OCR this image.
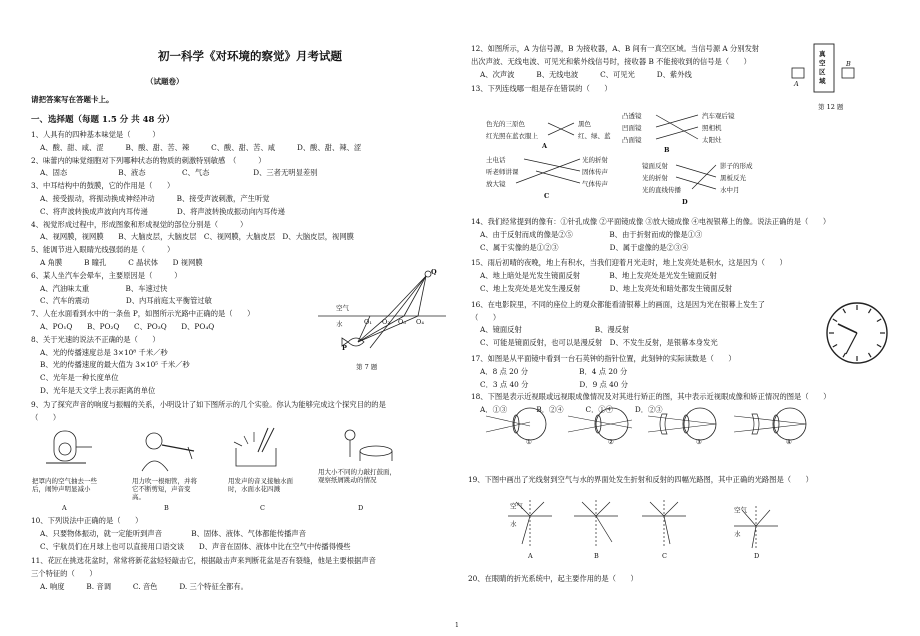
初一科学《对环境的察觉》月考试题
（试题卷）
请把答案写在答题卡上。
一、选择题（每题 1.5 分 共 48 分）
1、人具有的四种基本味觉是（　　　）
A、酸、甜、咸、涩　　　B、酸、甜、苦、辣　　　C、酸、甜、苦、咸　　　D、酸、甜、辣、涩
2、味蕾内的味觉细胞对下列哪种状态的物质的刺激特别敏感　（　　　）
A、固态　　　　　　　B、液态　　　　　C、气态　　　　　　D、三者无明显差别
3、中耳结构中的鼓膜，它的作用是（　　）
A、接受振动，将振动换成神经冲动　　　B、接受声波刺激，产生听觉
C、将声波转换成声波向内耳传递　　　　D、将声波转换成振动向内耳传递
4、视觉形成过程中，形成图象和形成视觉的部位分别是（　　　）
A、视网膜，视网膜　　B、大脑皮层，大脑皮层　C、视网膜，大脑皮层　D、大脑皮层，视网膜
5、能调节进入眼睛光线强弱的是（　　　）
A 角膜　　　B 瞳孔　　　C 晶状体　　D 视网膜
6、某人坐汽车会晕车，主要原因是（　　　）
A、汽油味太重　　　　　B、车速过快
C、汽车的震动　　　　　D、内耳前庭太平衡管过敏
7、人在水面看到水中的一条鱼 P，如图所示光路中正确的是（　　）
A、PO₁Q　　B、PO₂Q　　C、PO₃Q　　D、PO₄Q
8、关于光速的说法不正确的是（　　）
A、光的传播速度总是 3×10⁸ 千米／秒
B、光的传播速度的最大值为 3×10⁵ 千米／秒
C、光年是一种长度单位
D、光年是天文学上表示距离的单位
9、为了探究声音的响度与振幅的关系，小明设计了如下图所示的几个实验。你认为能够完成这个探究目的的是
（　　）
空气
水
Q
P
O₁ O₂ O₃ O₄
第 7 题
把罩内的空气抽去一些后，闹钟声明显减小
用力吹一根细管，并将它不断剪短，声音变高。
用发声的音叉接触水面时，水面水花四溅
用大小不同的力敲打鼓面，观察纸屑跳动的情况
A	B	C	D
10、下列说法中正确的是（　　）
A、只要物体振动，就一定能听到声音　　　　B、固体、液体、气体都能传播声音
C、宇航员们在月球上也可以直接用口语交谈　　D、声音在固体、液体中比在空气中传播得慢些
11、花匠在挑选花盆时，常常将新花盆轻轻敲击它，根据敲击声来判断花盆是否有裂缝，他是主要根据声音
三个特征的（　　）
A. 响度　　　B. 音调　　　C. 音色　　　D. 三个特征全都有。
12、如图所示，A 为信号源，B 为接收器，A、B 间有一真空区域。当信号源 A 分别发射
出次声波、无线电波、可见光和紫外线信号时，接收器 B 不能接收到的信号是（　　）
A、次声波　　　B、无线电波　　　C、可见光　　　D、紫外线
13、下列连线哪一组是存在错误的（　　）
真空区域
A
B
第 12 题
色光的三原色
红光照在蓝衣服上
黑色
红、绿、蓝
A
凸透镜
凹面镜
凸面镜
汽车观后镜
照相机
太阳灶
B
土电话
听老师讲课
放大镜
光的折射
固体传声
气体传声
C
镜面反射
光的折射
光的直线传播
影子的形成
黑板反光
水中月
D
14、我们经常提到的像有：①针孔成像 ②平面镜成像 ③放大镜成像 ④电视银幕上的像。说法正确的是（　　）
A、由于反射而成的像是②⑤　　　　　B、由于折射而成的像是①③
C、属于实像的是①②③　　　　　　　D、属于虚像的是②③④
15、雨后初晴的夜晚，地上有积水，当我们迎着月光走时，地上发亮处是积水，这是因为（　　）
A、地上暗处是光发生镜面反射　　　　B、地上发亮处是光发生镜面反射
C、地上发亮处是光发生漫反射　　　　D、地上发亮处和暗处都发生镜面反射
16、在电影院里，不同的座位上的观众都能看清银幕上的画面，这是因为光在银幕上发生了
（　　）
A、镜面反射　　　　　　　　　　B、漫反射
C、可能是镜面反射，也可以是漫反射　D、不发生反射，是银幕本身发光
17、如图是从平面镜中看到一台石英钟的指针位置，此刻钟的实际读数是（　　）
A．8 点 20 分　　　　　　　B．4 点 20 分
C．3 点 40 分　　　　　　　D．9 点 40 分
18、下图是表示近视眼或远视眼成像情况及对其进行矫正的图，其中表示近视眼成像和矫正情况的图是（　　）
A．①③　　　　B．②④　　　C．①④　　　D．②③
①	②	③	④
19、下图中画出了光线射到空气与水的界面处发生折射和反射的四幅光路图，其中正确的光路图是（　　）
空气
水
空气
水
A	B	C	D
20、在眼睛的折光系统中，起主要作用的是（　　）
1
